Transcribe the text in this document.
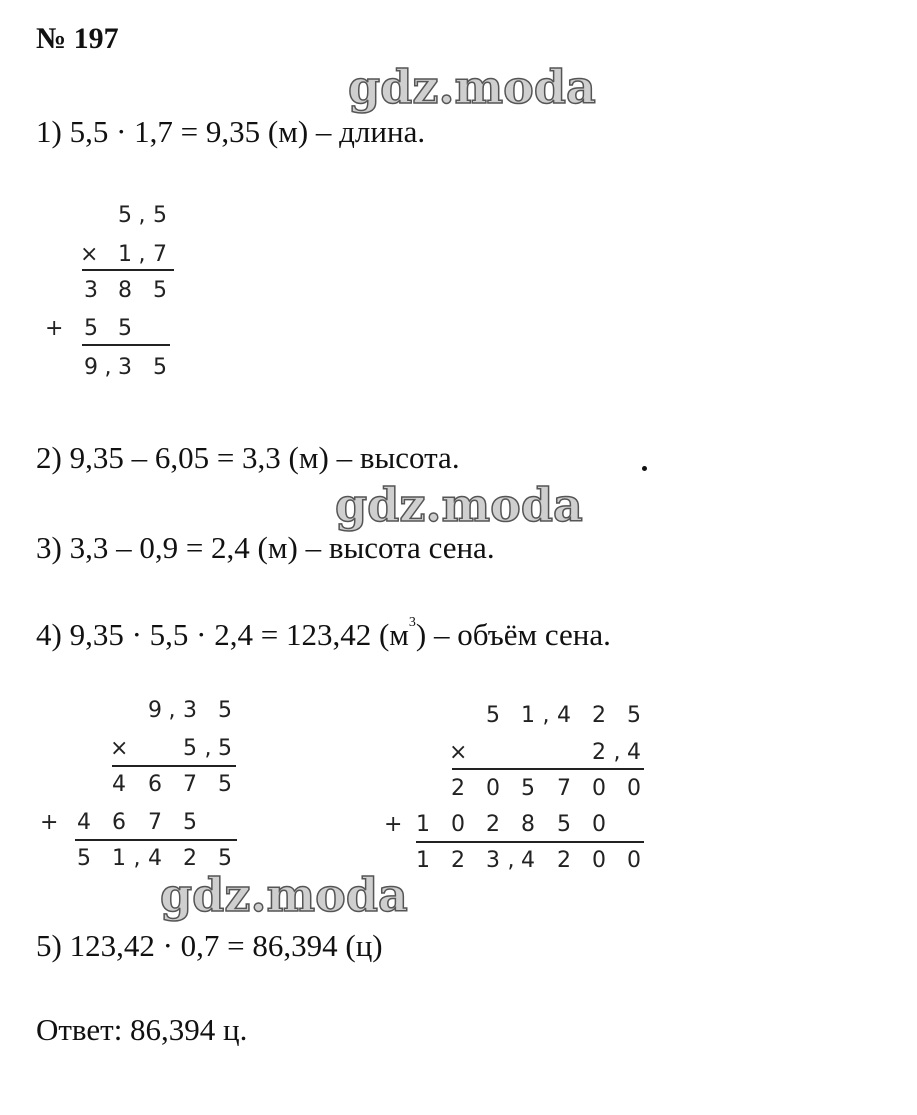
№ 197
gdz.moda
gdz.moda
gdz.moda
1) 5,5 · 1,7 = 9,35 (м) – длина.
2) 9,35 – 6,05 = 3,3 (м) – высота.
3) 3,3 – 0,9 = 2,4 (м) – высота сена.
4) 9,35 · 5,5 · 2,4 = 123,42 $(м^3)$ – объём сена.
5) 123,42 · 0,7 = 86,394 (ц)
Ответ: 86,394 ц.
5 , 5
× 1 , 7
3 8 5
+ 5 5
9 , 3 5
9 , 3 5
× 5 , 5
4 6 7 5
+ 4 6 7 5
5 1 , 4 2 5
5 1 , 4 2 5
×	2 , 4
2 0 5 7 0 0
+ 1 0 2 8 5 0
1 2 3 , 4 2 0 0
